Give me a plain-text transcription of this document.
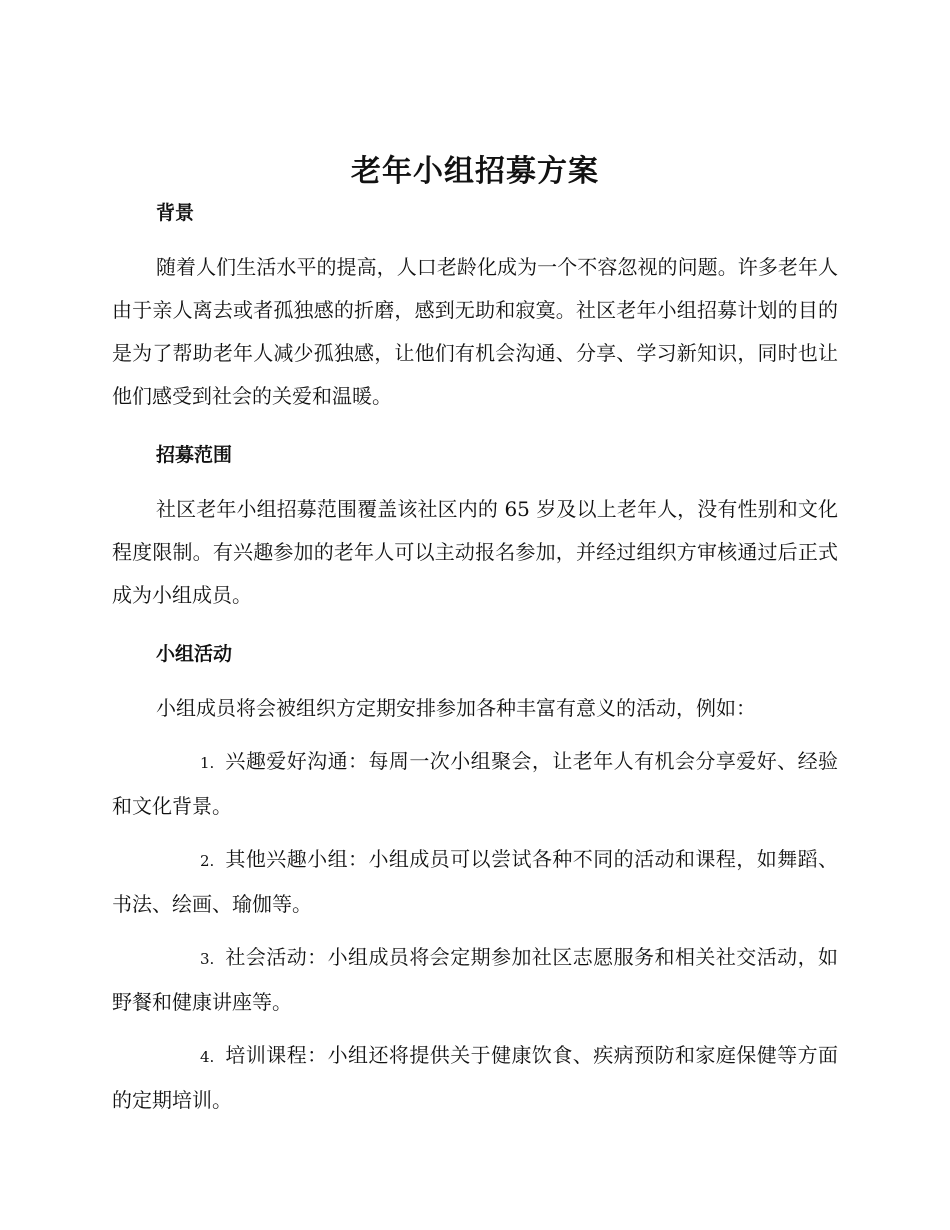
老年小组招募方案
背景

随着人们生活水平的提高，人口老龄化成为一个不容忽视的问题。许多老年人由于亲人离去或者孤独感的折磨，感到无助和寂寞。社区老年小组招募计划的目的是为了帮助老年人减少孤独感，让他们有机会沟通、分享、学习新知识，同时也让他们感受到社会的关爱和温暖。

招募范围

社区老年小组招募范围覆盖该社区内的 65 岁及以上老年人，没有性别和文化程度限制。有兴趣参加的老年人可以主动报名参加，并经过组织方审核通过后正式成为小组成员。

小组活动

小组成员将会被组织方定期安排参加各种丰富有意义的活动，例如：

1. 兴趣爱好沟通：每周一次小组聚会，让老年人有机会分享爱好、经验和文化背景。

2. 其他兴趣小组：小组成员可以尝试各种不同的活动和课程，如舞蹈、书法、绘画、瑜伽等。

3. 社会活动：小组成员将会定期参加社区志愿服务和相关社交活动，如野餐和健康讲座等。

4. 培训课程：小组还将提供关于健康饮食、疾病预防和家庭保健等方面的定期培训。
